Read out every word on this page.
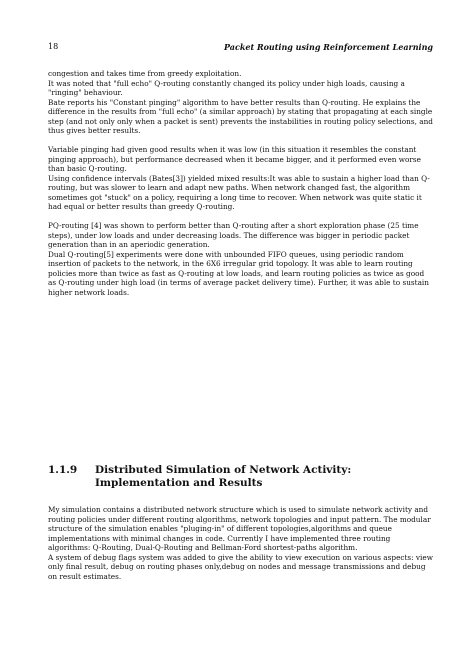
18	Packet Routing using Reinforcement Learning

congestion and takes time from greedy exploitation.

It was noted that "full echo" Q-routing constantly changed its policy under high loads, causing a "ringing" behaviour.

Bate reports his "Constant pinging" algorithm to have better results than Q-routing. He explains the difference in the results from "full echo" (a similar approach) by stating that propagating at each single step (and not only only when a packet is sent) prevents the instabilities in routing policy selections, and thus gives better results.

Variable pinging had given good results when it was low (in this situation it resembles the constant pinging approach), but performance decreased when it became bigger, and it performed even worse than basic Q-routing.

Using confidence intervals (Bates[3]) yielded mixed results:It was able to sustain a higher load than Q-routing, but was slower to learn and adapt new paths. When network changed fast, the algorithm sometimes got "stuck" on a policy, requiring a long time to recover. When network was quite static it had equal or better results than greedy Q-routing.

PQ-routing [4] was shown to perform better than Q-routing after a short exploration phase (25 time steps), under low loads and under decreasing loads. The difference was bigger in periodic packet generation than in an aperiodic generation.

Dual Q-routing[5] experiments were done with unbounded FIFO queues, using periodic random insertion of packets to the network, in the 6X6 irregular grid topology. It was able to learn routing policies more than twice as fast as Q-routing at low loads, and learn routing policies as twice as good as Q-routing under high load (in terms of average packet delivery time). Further, it was able to sustain higher network loads.

1.1.9 Distributed Simulation of Network Activity: Implementation and Results

My simulation contains a distributed network structure which is used to simulate network activity and routing policies under different routing algorithms, network topologies and input pattern. The modular structure of the simulation enables "pluging-in" of different topologies,algorithms and queue implementations with minimal changes in code. Currently I have implemented three routing algorithms: Q-Routing, Dual-Q-Routing and Bellman-Ford shortest-paths algorithm.

A system of debug flags system was added to give the ability to view execution on various aspects: view only final result, debug on routing phases only,debug on nodes and message transmissions and debug on result estimates.
